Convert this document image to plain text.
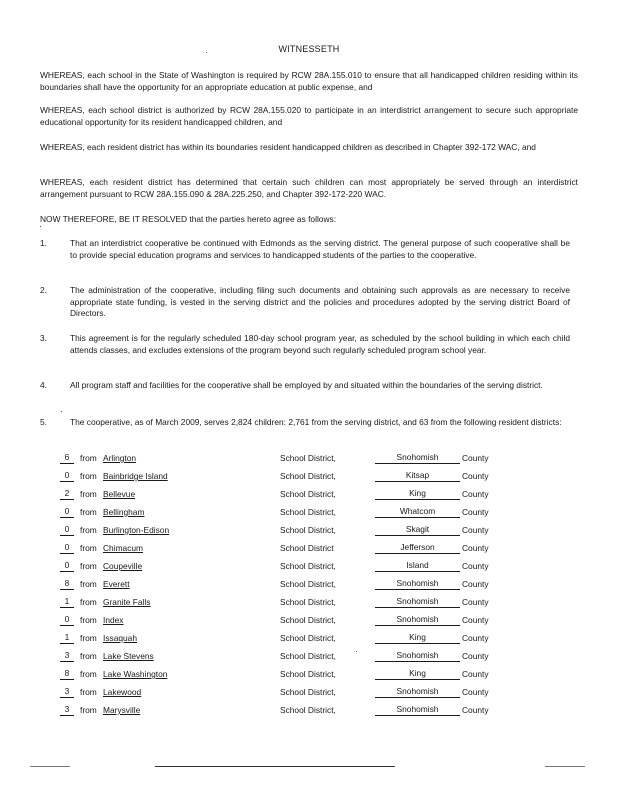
WITNESSETH
WHEREAS, each school in the State of Washington is required by RCW 28A.155.010 to ensure that all handicapped children residing within its boundaries shall have the opportunity for an appropriate education at public expense, and
WHEREAS, each school district is authorized by RCW 28A.155.020 to participate in an interdistrict arrangement to secure such appropriate educational opportunity for its resident handicapped children, and
WHEREAS, each resident district has within its boundaries resident handicapped children as described in Chapter 392-172 WAC, and
WHEREAS, each resident district has determined that certain such children can most appropriately be served through an interdistrict arrangement pursuant to RCW 28A.155.090 & 28A.225.250, and Chapter 392-172-220 WAC.
NOW THEREFORE, BE IT RESOLVED that the parties hereto agree as follows:
1.	That an interdistrict cooperative be continued with Edmonds as the serving district. The general purpose of such cooperative shall be to provide special education programs and services to handicapped students of the parties to the cooperative.
2.	The administration of the cooperative, including filing such documents and obtaining such approvals as are necessary to receive appropriate state funding, is vested in the serving district and the policies and procedures adopted by the serving district Board of Directors.
3.	This agreement is for the regularly scheduled 180-day school program year, as scheduled by the school building in which each child attends classes, and excludes extensions of the program beyond such regularly scheduled program school year.
4.	All program staff and facilities for the cooperative shall be employed by and situated within the boundaries of the serving district.
5.	The cooperative, as of March 2009, serves 2,824 children: 2,761 from the serving district, and 63 from the following resident districts:
6	from Arlington	School District,	Snohomish	County
0	from Bainbridge Island	School District,	Kitsap	County
2	from Bellevue	School District,	King	County
0	from Bellingham	School District,	Whatcom	County
0	from Burlington-Edison	School District,	Skagit	County
0	from Chimacum	School District	Jefferson	County
0	from Coupeville	School District,	Island	County
8	from Everett	School District,	Snohomish	County
1	from Granite Falls	School District,	Snohomish	County
0	from Index	School District,	Snohomish	County
1	from Issaquah	School District,	King	County
3	from Lake Stevens	School District,	Snohomish	County
8	from Lake Washington	School District,	King	County
3	from Lakewood	School District,	Snohomish	County
3	from Marysville	School District,	Snohomish	County
